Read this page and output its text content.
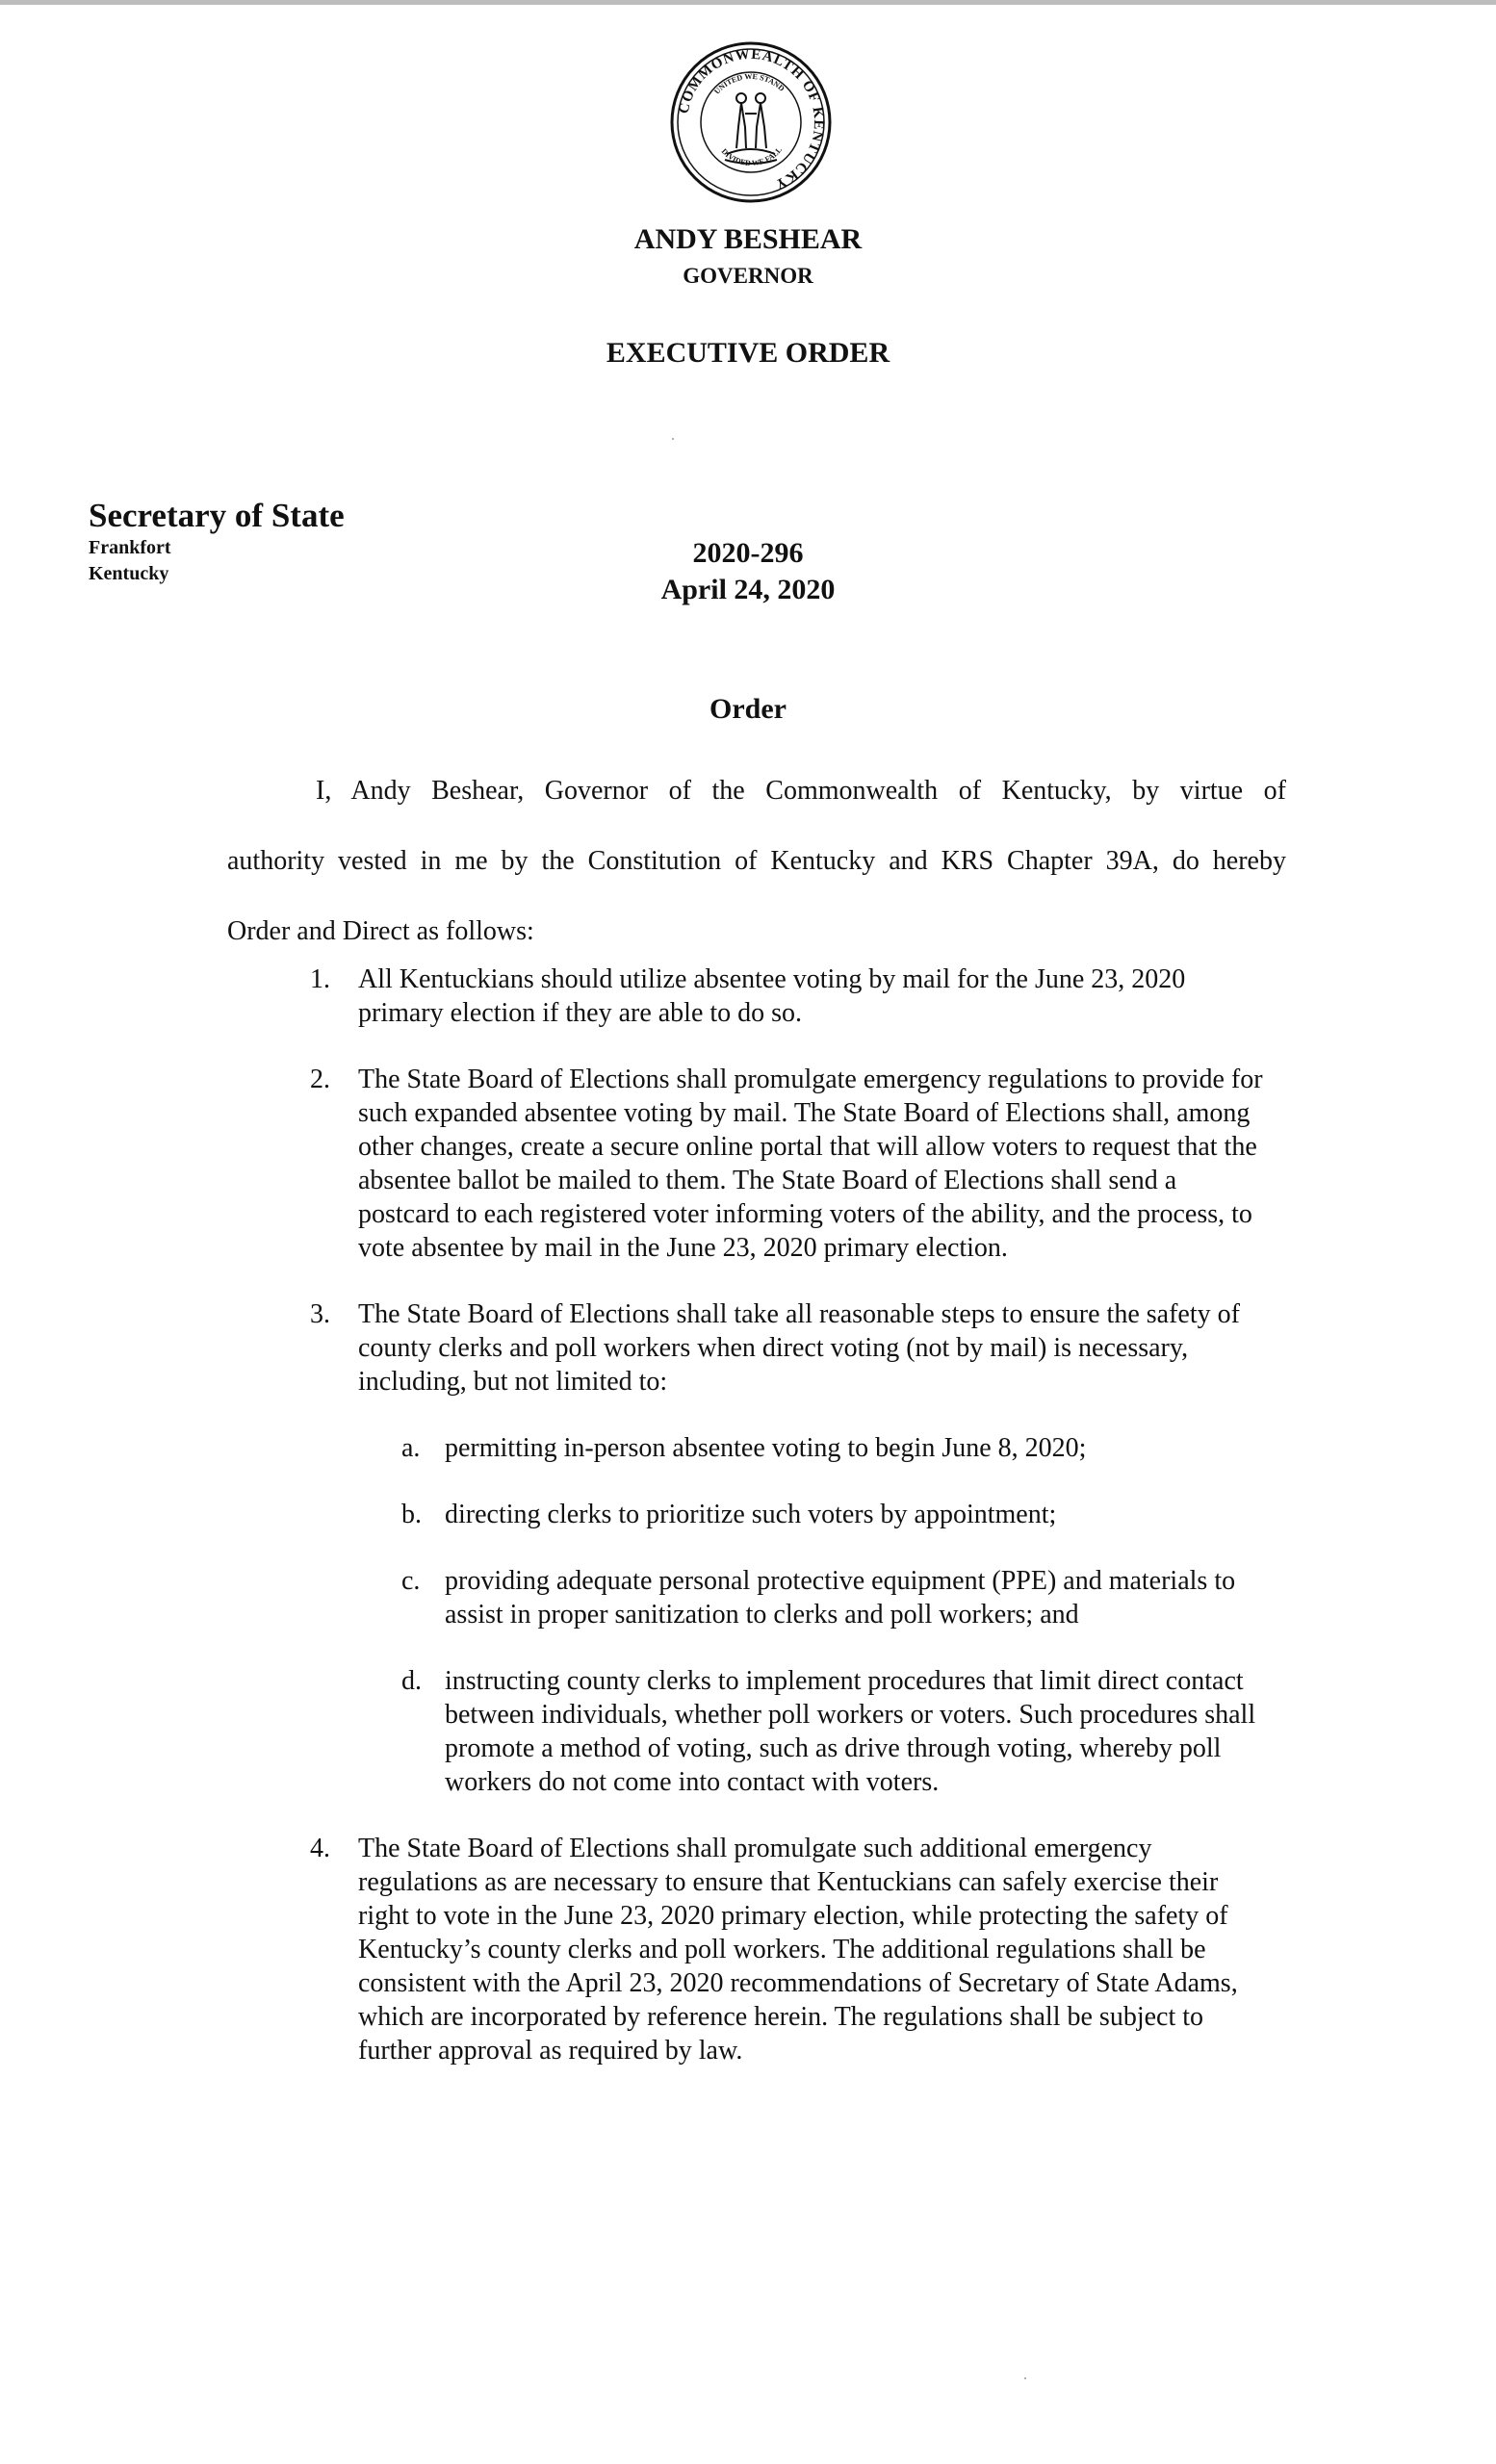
COMMONWEALTH OF KENTUCKY
UNITED WE STAND
DIVIDED WE FALL
ANDY BESHEAR
GOVERNOR
EXECUTIVE ORDER
Secretary of State
Frankfort
Kentucky
2020-296
April 24, 2020
Order

I, Andy Beshear, Governor of the Commonwealth of Kentucky, by virtue of

authority vested in me by the Constitution of Kentucky and KRS Chapter 39A, do hereby

Order and Direct as follows:

1. All Kentuckians should utilize absentee voting by mail for the June 23, 2020 primary election if they are able to do so.
2. The State Board of Elections shall promulgate emergency regulations to provide for such expanded absentee voting by mail. The State Board of Elections shall, among other changes, create a secure online portal that will allow voters to request that the absentee ballot be mailed to them. The State Board of Elections shall send a postcard to each registered voter informing voters of the ability, and the process, to vote absentee by mail in the June 23, 2020 primary election.
3. The State Board of Elections shall take all reasonable steps to ensure the safety of county clerks and poll workers when direct voting (not by mail) is necessary, including, but not limited to:
a. permitting in-person absentee voting to begin June 8, 2020;
b. directing clerks to prioritize such voters by appointment;
c. providing adequate personal protective equipment (PPE) and materials to assist in proper sanitization to clerks and poll workers; and
d. instructing county clerks to implement procedures that limit direct contact between individuals, whether poll workers or voters. Such procedures shall promote a method of voting, such as drive through voting, whereby poll workers do not come into contact with voters.
4. The State Board of Elections shall promulgate such additional emergency regulations as are necessary to ensure that Kentuckians can safely exercise their right to vote in the June 23, 2020 primary election, while protecting the safety of Kentucky’s county clerks and poll workers. The additional regulations shall be consistent with the April 23, 2020 recommendations of Secretary of State Adams, which are incorporated by reference herein. The regulations shall be subject to further approval as required by law.
